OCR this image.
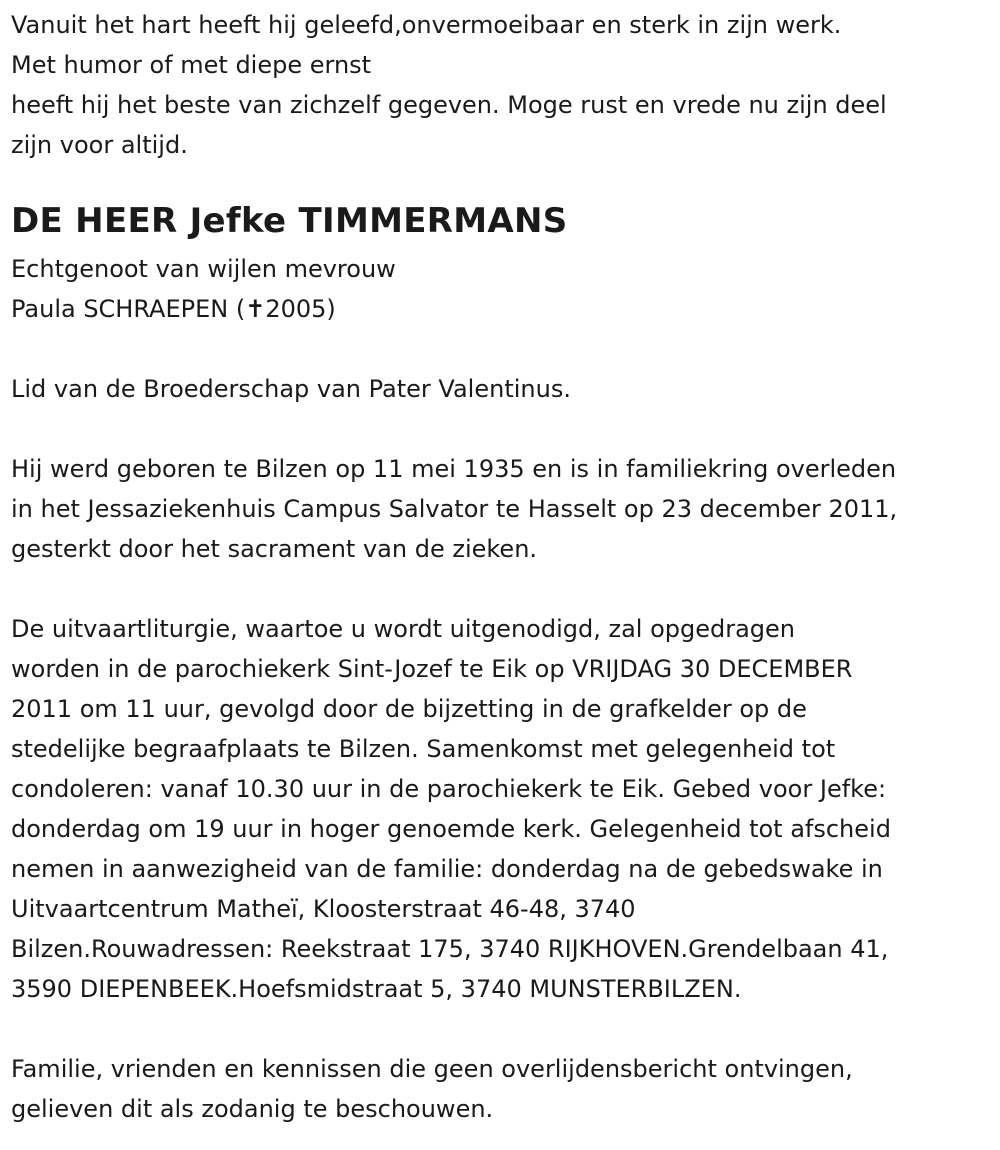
Vanuit het hart heeft hij geleefd,onvermoeibaar en sterk in zijn werk.
Met humor of met diepe ernst
heeft hij het beste van zichzelf gegeven. Moge rust en vrede nu zijn deel
zijn voor altijd.
DE HEER Jefke TIMMERMANS
Echtgenoot van wijlen mevrouw
Paula SCHRAEPEN (✝2005)
Lid van de Broederschap van Pater Valentinus.
Hij werd geboren te Bilzen op 11 mei 1935 en is in familiekring overleden
in het Jessaziekenhuis Campus Salvator te Hasselt op 23 december 2011,
gesterkt door het sacrament van de zieken.
De uitvaartliturgie, waartoe u wordt uitgenodigd, zal opgedragen
worden in de parochiekerk Sint-Jozef te Eik op VRIJDAG 30 DECEMBER
2011 om 11 uur, gevolgd door de bijzetting in de grafkelder op de
stedelijke begraafplaats te Bilzen. Samenkomst met gelegenheid tot
condoleren: vanaf 10.30 uur in de parochiekerk te Eik. Gebed voor Jefke:
donderdag om 19 uur in hoger genoemde kerk. Gelegenheid tot afscheid
nemen in aanwezigheid van de familie: donderdag na de gebedswake in
Uitvaartcentrum Matheï, Kloosterstraat 46-48, 3740
Bilzen.Rouwadressen: Reekstraat 175, 3740 RIJKHOVEN.Grendelbaan 41,
3590 DIEPENBEEK.Hoefsmidstraat 5, 3740 MUNSTERBILZEN.
Familie, vrienden en kennissen die geen overlijdensbericht ontvingen,
gelieven dit als zodanig te beschouwen.
